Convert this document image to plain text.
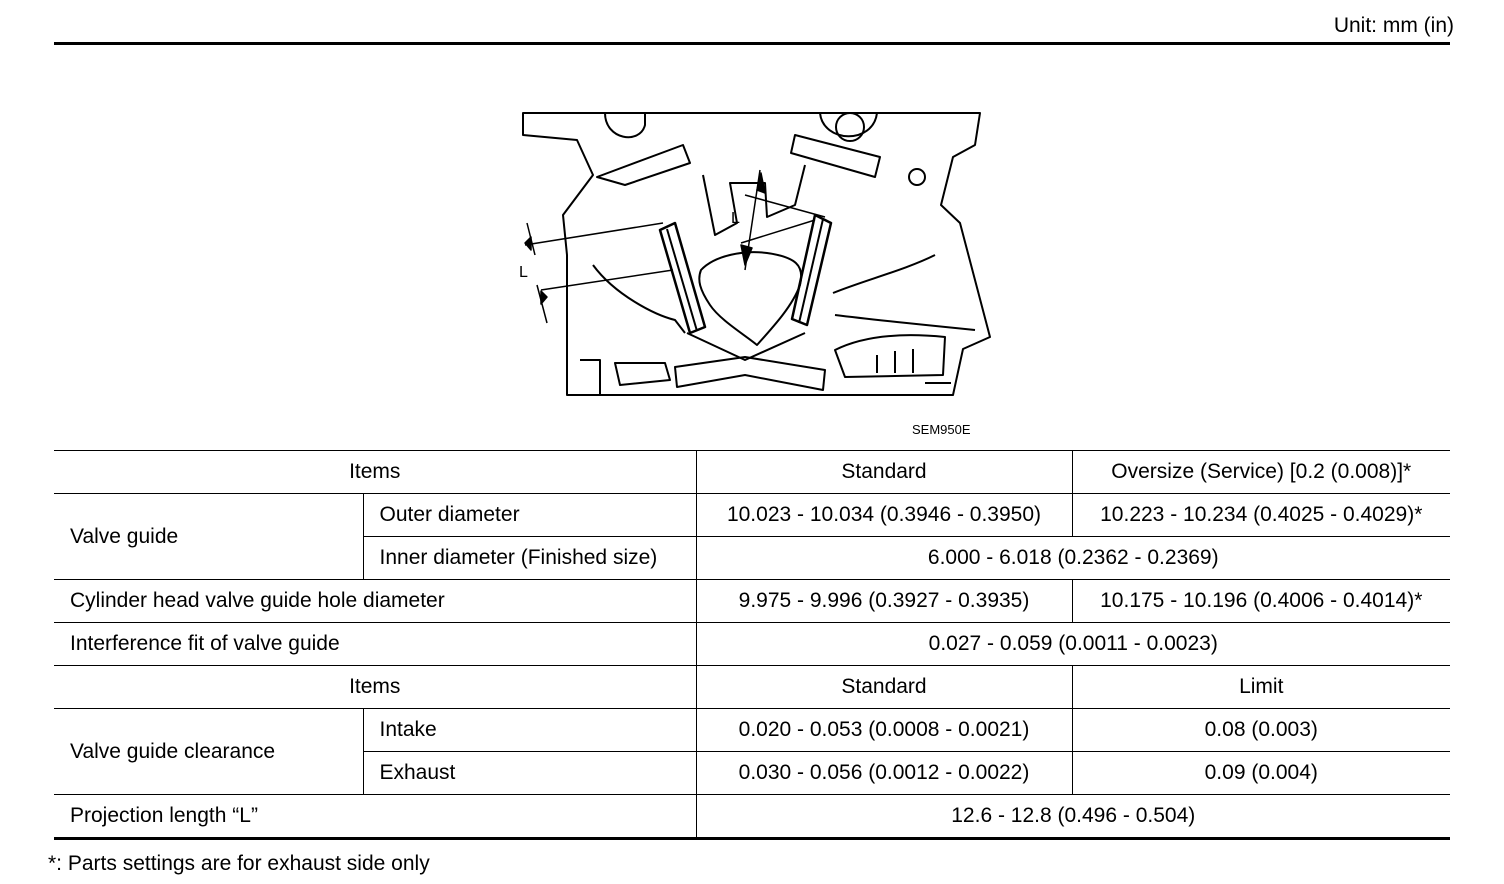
Unit: mm (in)
L
L
SEM950E
Items		Standard	Oversize (Service) [0.2 (0.008)]*
Valve guide	Outer diameter	10.023 - 10.034 (0.3946 - 0.3950)	10.223 - 10.234 (0.4025 - 0.4029)*
	Inner diameter (Finished size)	6.000 - 6.018 (0.2362 - 0.2369)	
Cylinder head valve guide hole diameter		9.975 - 9.996 (0.3927 - 0.3935)	10.175 - 10.196 (0.4006 - 0.4014)*
Interference fit of valve guide		0.027 - 0.059 (0.0011 - 0.0023)	
Items		Standard	Limit
Valve guide clearance	Intake	0.020 - 0.053 (0.0008 - 0.0021)	0.08 (0.003)
	Exhaust	0.030 - 0.056 (0.0012 - 0.0022)	0.09 (0.004)
Projection length “L”		12.6 - 12.8 (0.496 - 0.504)	
*: Parts settings are for exhaust side only
